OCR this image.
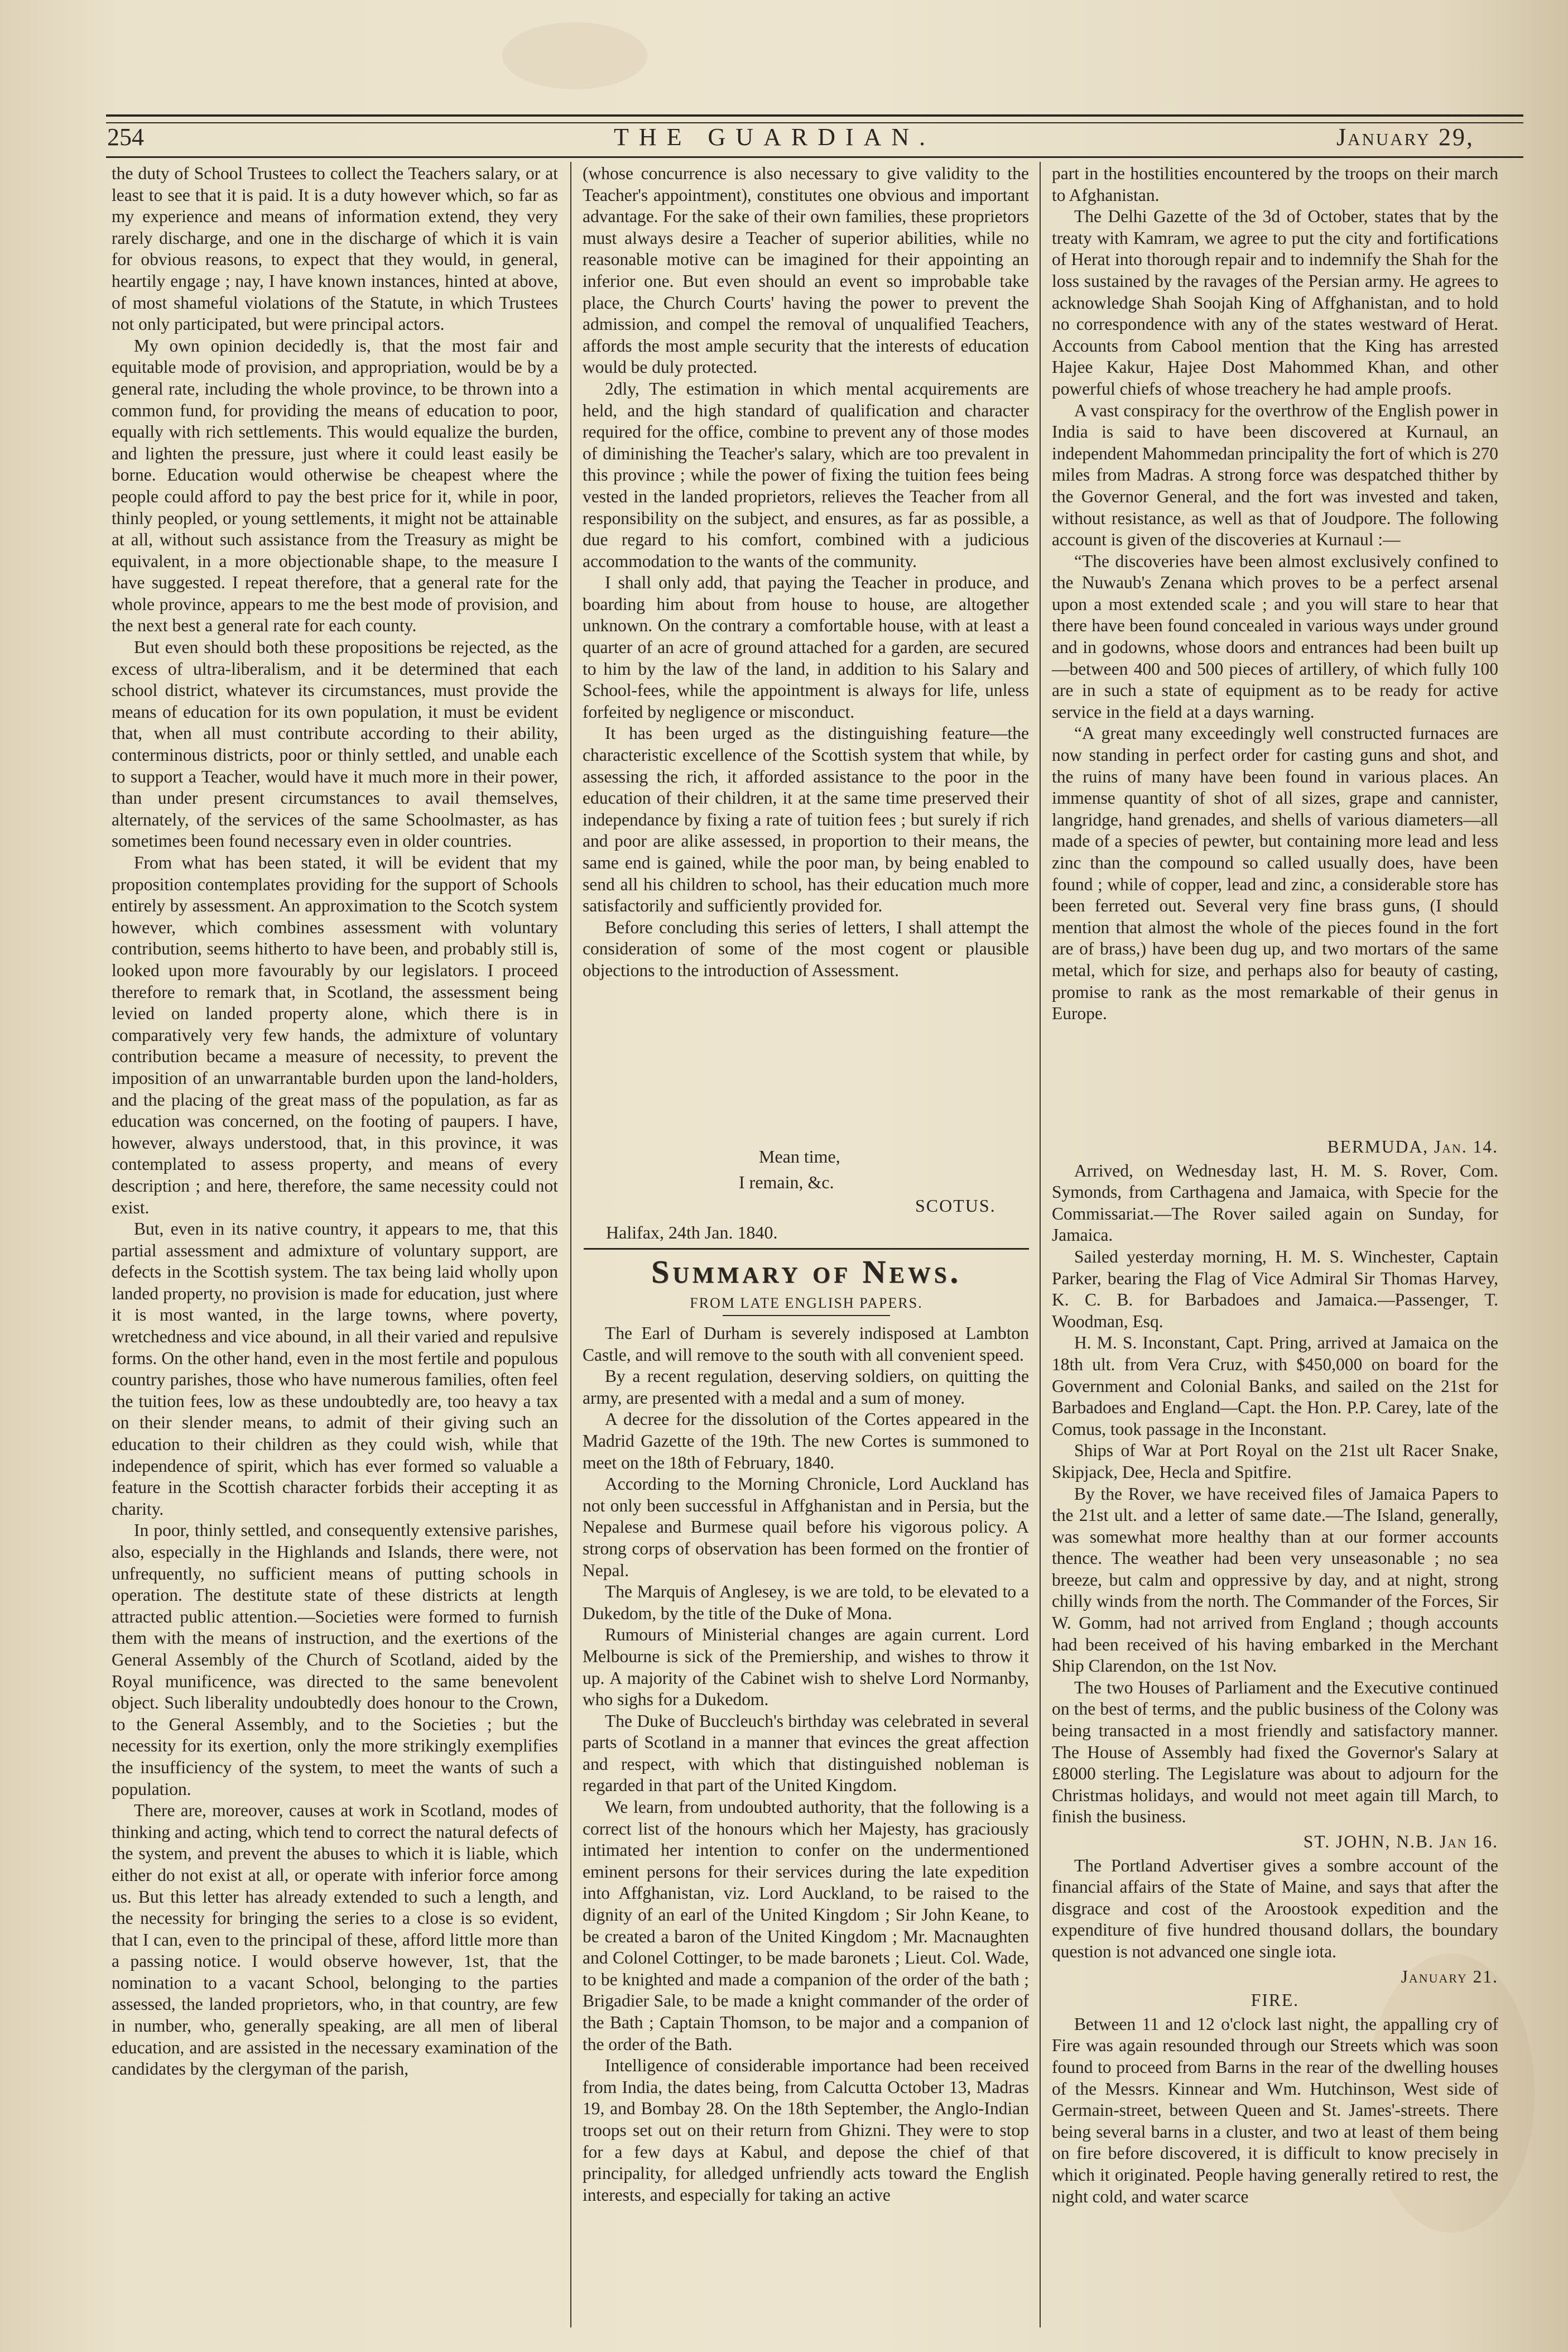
254	THE GUARDIAN.	January 29,

the duty of School Trustees to collect the Teachers salary, or at least to see that it is paid. It is a duty however which, so far as my experience and means of information extend, they very rarely discharge, and one in the discharge of which it is vain for obvious reasons, to expect that they would, in general, heartily engage ; nay, I have known instances, hinted at above, of most shameful violations of the Statute, in which Trustees not only participated, but were principal actors.

My own opinion decidedly is, that the most fair and equitable mode of provision, and appropriation, would be by a general rate, including the whole province, to be thrown into a common fund, for providing the means of education to poor, equally with rich settlements. This would equalize the burden, and lighten the pressure, just where it could least easily be borne. Education would otherwise be cheapest where the people could afford to pay the best price for it, while in poor, thinly peopled, or young settlements, it might not be attainable at all, without such assistance from the Treasury as might be equivalent, in a more objectionable shape, to the measure I have suggested. I repeat therefore, that a general rate for the whole province, appears to me the best mode of provision, and the next best a general rate for each county.

But even should both these propositions be rejected, as the excess of ultra-liberalism, and it be determined that each school district, whatever its circumstances, must provide the means of education for its own population, it must be evident that, when all must contribute according to their ability, conterminous districts, poor or thinly settled, and unable each to support a Teacher, would have it much more in their power, than under present circumstances to avail themselves, alternately, of the services of the same Schoolmaster, as has sometimes been found necessary even in older countries.

From what has been stated, it will be evident that my proposition contemplates providing for the support of Schools entirely by assessment. An approximation to the Scotch system however, which combines assessment with voluntary contribution, seems hitherto to have been, and probably still is, looked upon more favourably by our legislators. I proceed therefore to remark that, in Scotland, the assessment being levied on landed property alone, which there is in comparatively very few hands, the admixture of voluntary contribution became a measure of necessity, to prevent the imposition of an unwarrantable burden upon the land-holders, and the placing of the great mass of the population, as far as education was concerned, on the footing of paupers. I have, however, always understood, that, in this province, it was contemplated to assess property, and means of every description ; and here, therefore, the same necessity could not exist.

But, even in its native country, it appears to me, that this partial assessment and admixture of voluntary support, are defects in the Scottish system. The tax being laid wholly upon landed property, no provision is made for education, just where it is most wanted, in the large towns, where poverty, wretchedness and vice abound, in all their varied and repulsive forms. On the other hand, even in the most fertile and populous country parishes, those who have numerous families, often feel the tuition fees, low as these undoubtedly are, too heavy a tax on their slender means, to admit of their giving such an education to their children as they could wish, while that independence of spirit, which has ever formed so valuable a feature in the Scottish character forbids their accepting it as charity.

In poor, thinly settled, and consequently extensive parishes, also, especially in the Highlands and Islands, there were, not unfrequently, no sufficient means of putting schools in operation. The destitute state of these districts at length attracted public attention.—Societies were formed to furnish them with the means of instruction, and the exertions of the General Assembly of the Church of Scotland, aided by the Royal munificence, was directed to the same benevolent object. Such liberality undoubtedly does honour to the Crown, to the General Assembly, and to the Societies ; but the necessity for its exertion, only the more strikingly exemplifies the insufficiency of the system, to meet the wants of such a population.

There are, moreover, causes at work in Scotland, modes of thinking and acting, which tend to correct the natural defects of the system, and prevent the abuses to which it is liable, which either do not exist at all, or operate with inferior force among us. But this letter has already extended to such a length, and the necessity for bringing the series to a close is so evident, that I can, even to the principal of these, afford little more than a passing notice. I would observe however, 1st, that the nomination to a vacant School, belonging to the parties assessed, the landed proprietors, who, in that country, are few in number, who, generally speaking, are all men of liberal education, and are assisted in the necessary examination of the candidates by the clergyman of the parish,

(whose concurrence is also necessary to give validity to the Teacher's appointment), constitutes one obvious and important advantage. For the sake of their own families, these proprietors must always desire a Teacher of superior abilities, while no reasonable motive can be imagined for their appointing an inferior one. But even should an event so improbable take place, the Church Courts' having the power to prevent the admission, and compel the removal of unqualified Teachers, affords the most ample security that the interests of education would be duly protected.

2dly, The estimation in which mental acquirements are held, and the high standard of qualification and character required for the office, combine to prevent any of those modes of diminishing the Teacher's salary, which are too prevalent in this province ; while the power of fixing the tuition fees being vested in the landed proprietors, relieves the Teacher from all responsibility on the subject, and ensures, as far as possible, a due regard to his comfort, combined with a judicious accommodation to the wants of the community.

I shall only add, that paying the Teacher in produce, and boarding him about from house to house, are altogether unknown. On the contrary a comfortable house, with at least a quarter of an acre of ground attached for a garden, are secured to him by the law of the land, in addition to his Salary and School-fees, while the appointment is always for life, unless forfeited by negligence or misconduct.

It has been urged as the distinguishing feature—the characteristic excellence of the Scottish system that while, by assessing the rich, it afforded assistance to the poor in the education of their children, it at the same time preserved their independance by fixing a rate of tuition fees ; but surely if rich and poor are alike assessed, in proportion to their means, the same end is gained, while the poor man, by being enabled to send all his children to school, has their education much more satisfactorily and sufficiently provided for.

Before concluding this series of letters, I shall attempt the consideration of some of the most cogent or plausible objections to the introduction of Assessment.

Mean time,
I remain, &c.
SCOTUS.
Halifax, 24th Jan. 1840.
Summary of News.
FROM LATE ENGLISH PAPERS.

The Earl of Durham is severely indisposed at Lambton Castle, and will remove to the south with all convenient speed.

By a recent regulation, deserving soldiers, on quitting the army, are presented with a medal and a sum of money.

A decree for the dissolution of the Cortes appeared in the Madrid Gazette of the 19th. The new Cortes is summoned to meet on the 18th of February, 1840.

According to the Morning Chronicle, Lord Auckland has not only been successful in Affghanistan and in Persia, but the Nepalese and Burmese quail before his vigorous policy. A strong corps of observation has been formed on the frontier of Nepal.

The Marquis of Anglesey, is we are told, to be elevated to a Dukedom, by the title of the Duke of Mona.

Rumours of Ministerial changes are again current. Lord Melbourne is sick of the Premiership, and wishes to throw it up. A majority of the Cabinet wish to shelve Lord Normanby, who sighs for a Dukedom.

The Duke of Buccleuch's birthday was celebrated in several parts of Scotland in a manner that evinces the great affection and respect, with which that distinguished nobleman is regarded in that part of the United Kingdom.

We learn, from undoubted authority, that the following is a correct list of the honours which her Majesty, has graciously intimated her intention to confer on the undermentioned eminent persons for their services during the late expedition into Affghanistan, viz. Lord Auckland, to be raised to the dignity of an earl of the United Kingdom ; Sir John Keane, to be created a baron of the United Kingdom ; Mr. Macnaughten and Colonel Cottinger, to be made baronets ; Lieut. Col. Wade, to be knighted and made a companion of the order of the bath ; Brigadier Sale, to be made a knight commander of the order of the Bath ; Captain Thomson, to be major and a companion of the order of the Bath.

Intelligence of considerable importance had been received from India, the dates being, from Calcutta October 13, Madras 19, and Bombay 28. On the 18th September, the Anglo-Indian troops set out on their return from Ghizni. They were to stop for a few days at Kabul, and depose the chief of that principality, for alledged unfriendly acts toward the English interests, and especially for taking an active

part in the hostilities encountered by the troops on their march to Afghanistan.

The Delhi Gazette of the 3d of October, states that by the treaty with Kamram, we agree to put the city and fortifications of Herat into thorough repair and to indemnify the Shah for the loss sustained by the ravages of the Persian army. He agrees to acknowledge Shah Soojah King of Affghanistan, and to hold no correspondence with any of the states westward of Herat. Accounts from Cabool mention that the King has arrested Hajee Kakur, Hajee Dost Mahommed Khan, and other powerful chiefs of whose treachery he had ample proofs.

A vast conspiracy for the overthrow of the English power in India is said to have been discovered at Kurnaul, an independent Mahommedan principality the fort of which is 270 miles from Madras. A strong force was despatched thither by the Governor General, and the fort was invested and taken, without resistance, as well as that of Joudpore. The following account is given of the discoveries at Kurnaul :—

“The discoveries have been almost exclusively confined to the Nuwaub's Zenana which proves to be a perfect arsenal upon a most extended scale ; and you will stare to hear that there have been found concealed in various ways under ground and in godowns, whose doors and entrances had been built up—between 400 and 500 pieces of artillery, of which fully 100 are in such a state of equipment as to be ready for active service in the field at a days warning.

“A great many exceedingly well constructed furnaces are now standing in perfect order for casting guns and shot, and the ruins of many have been found in various places. An immense quantity of shot of all sizes, grape and cannister, langridge, hand grenades, and shells of various diameters—all made of a species of pewter, but containing more lead and less zinc than the compound so called usually does, have been found ; while of copper, lead and zinc, a considerable store has been ferreted out. Several very fine brass guns, (I should mention that almost the whole of the pieces found in the fort are of brass,) have been dug up, and two mortars of the same metal, which for size, and perhaps also for beauty of casting, promise to rank as the most remarkable of their genus in Europe.

BERMUDA, Jan. 14.

Arrived, on Wednesday last, H. M. S. Rover, Com. Symonds, from Carthagena and Jamaica, with Specie for the Commissariat.—The Rover sailed again on Sunday, for Jamaica.

Sailed yesterday morning, H. M. S. Winchester, Captain Parker, bearing the Flag of Vice Admiral Sir Thomas Harvey, K. C. B. for Barbadoes and Jamaica.—Passenger, T. Woodman, Esq.

H. M. S. Inconstant, Capt. Pring, arrived at Jamaica on the 18th ult. from Vera Cruz, with $450,000 on board for the Government and Colonial Banks, and sailed on the 21st for Barbadoes and England—Capt. the Hon. P.P. Carey, late of the Comus, took passage in the Inconstant.

Ships of War at Port Royal on the 21st ult Racer Snake, Skipjack, Dee, Hecla and Spitfire.

By the Rover, we have received files of Jamaica Papers to the 21st ult. and a letter of same date.—The Island, generally, was somewhat more healthy than at our former accounts thence. The weather had been very unseasonable ; no sea breeze, but calm and oppressive by day, and at night, strong chilly winds from the north. The Commander of the Forces, Sir W. Gomm, had not arrived from England ; though accounts had been received of his having embarked in the Merchant Ship Clarendon, on the 1st Nov.

The two Houses of Parliament and the Executive continued on the best of terms, and the public business of the Colony was being transacted in a most friendly and satisfactory manner. The House of Assembly had fixed the Governor's Salary at £8000 sterling. The Legislature was about to adjourn for the Christmas holidays, and would not meet again till March, to finish the business.

ST. JOHN, N.B. Jan 16.

The Portland Advertiser gives a sombre account of the financial affairs of the State of Maine, and says that after the disgrace and cost of the Aroostook expedition and the expenditure of five hundred thousand dollars, the boundary question is not advanced one single iota.

January 21.
FIRE.

Between 11 and 12 o'clock last night, the appalling cry of Fire was again resounded through our Streets which was soon found to proceed from Barns in the rear of the dwelling houses of the Messrs. Kinnear and Wm. Hutchinson, West side of Germain-street, between Queen and St. James'-streets. There being several barns in a cluster, and two at least of them being on fire before discovered, it is difficult to know precisely in which it originated. People having generally retired to rest, the night cold, and water scarce
